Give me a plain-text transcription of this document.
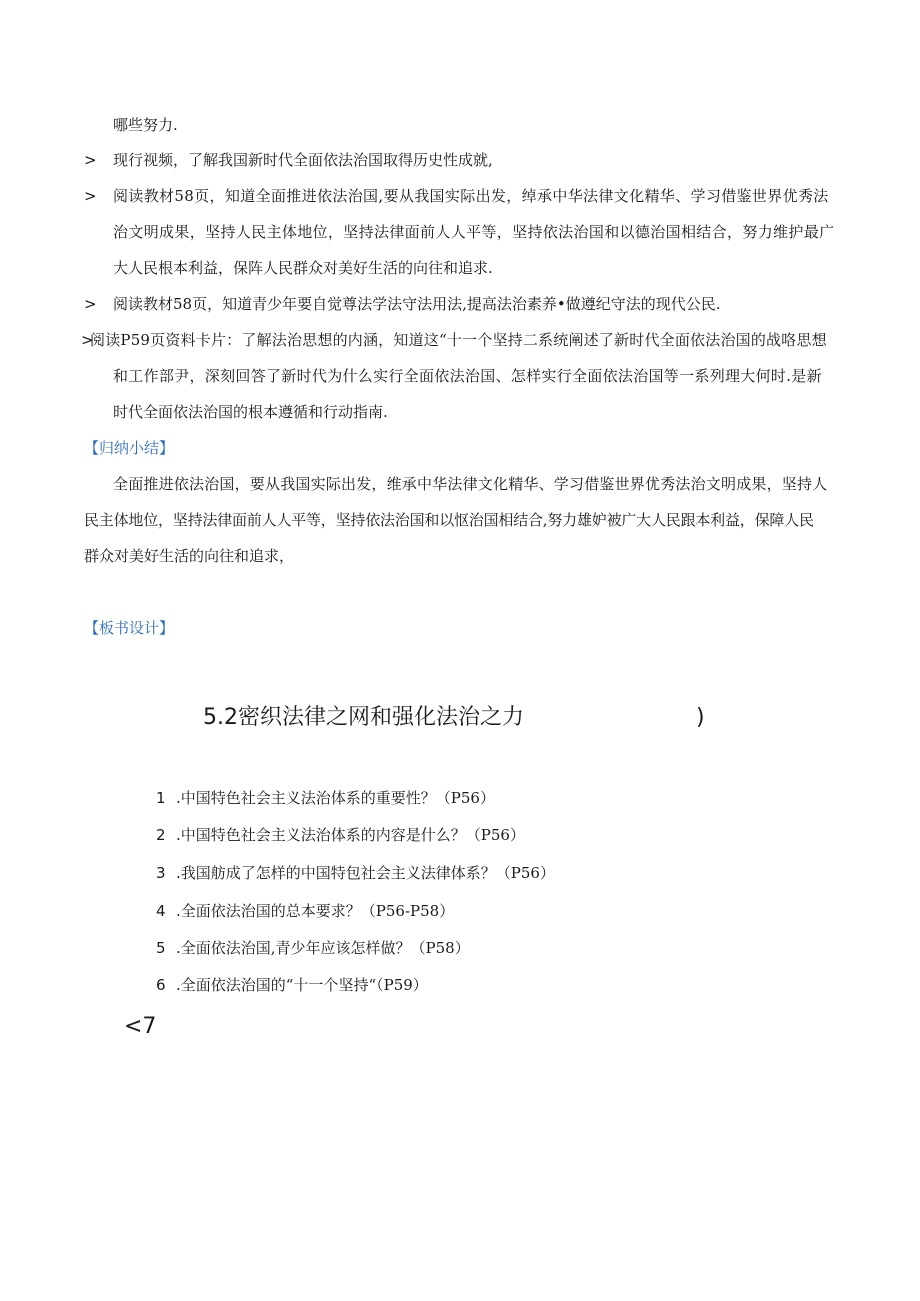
哪些努力.
> 现行视频，了解我国新时代全面依法治国取得历史性成就,
> 阅读教材58页，知道全面推进依法治国,要从我国实际出发，绰承中华法律文化精华、学习借鉴世界优秀法
治文明成果，坚持人民主体地位，坚持法律面前人人平等，坚持依法治国和以德治国相结合，努力维护最广
大人民根本利益，保阵人民群众对美好生活的向往和追求.
> 阅读教材58页，知道青少年要自觉尊法学法守法用法,提高法治素养•做遵纪守法的现代公民.
>
阅读P59页资料卡片：了解法治思想的内涵，知道这“十一个坚持二系统阐述了新时代全面依法治国的战咯思想
和工作部尹，深刻回答了新时代为什么实行全面依法治国、怎样实行全面依法治国等一系列理大何时.是新
时代全面依法治国的根本遵循和行动指南.
【归纳小结】
全面推进依法治国，要从我国实际出发，维承中华法律文化精华、学习借鉴世界优秀法治文明成果，坚持人
民主体地位，坚持法律面前人人平等，坚持依法治国和以怄治国相结合,努力雄妒被广大人民跟本利益，保障人民
群众对美好生活的向往和追求，
【板书设计】
5.2密织法律之网和强化法治之力	)
1 .中国特色社会主义法治体系的重要性？（P56）
2 .中国特色社会主义法治体系的内容是什么？（P56）
3 .我国舫成了怎样的中国特包社会主义法律体系？（P56）
4 .全面依法治国的总本要求？（P56-P58）
5 .全面依法治国,青少年应该怎样做？（P58）
6 .全面依法治国的“十一个坚持“（P59）
<7
